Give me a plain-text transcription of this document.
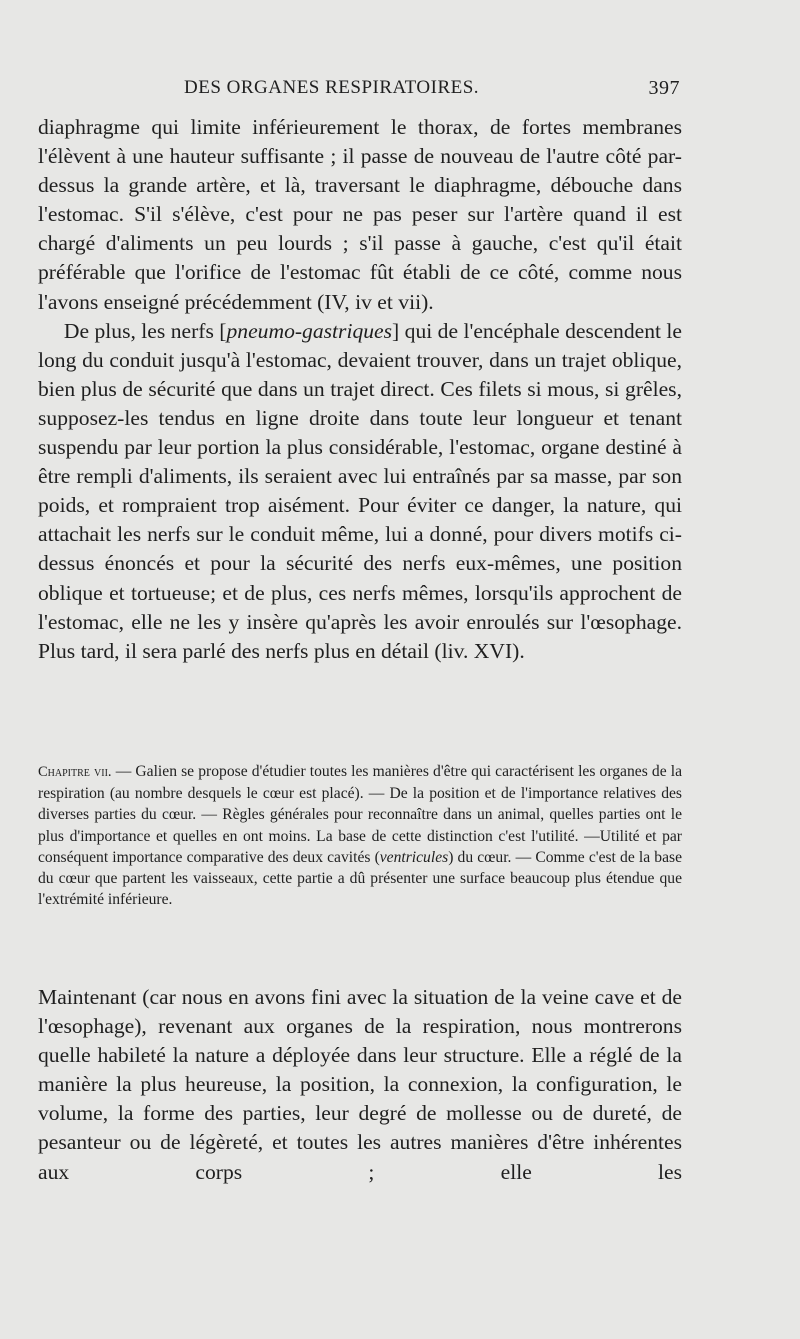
DES ORGANES RESPIRATOIRES.	397

diaphragme qui limite inférieurement le thorax, de fortes membranes l'élèvent à une hauteur suffisante ; il passe de nouveau de l'autre côté par-dessus la grande artère, et là, traversant le diaphragme, débouche dans l'estomac. S'il s'élève, c'est pour ne pas peser sur l'artère quand il est chargé d'aliments un peu lourds ; s'il passe à gauche, c'est qu'il était préférable que l'orifice de l'estomac fût établi de ce côté, comme nous l'avons enseigné précédemment (IV, iv et vii).

De plus, les nerfs [pneumo-gastriques] qui de l'encéphale descendent le long du conduit jusqu'à l'estomac, devaient trouver, dans un trajet oblique, bien plus de sécurité que dans un trajet direct. Ces filets si mous, si grêles, supposez-les tendus en ligne droite dans toute leur longueur et tenant suspendu par leur portion la plus considérable, l'estomac, organe destiné à être rempli d'aliments, ils seraient avec lui entraînés par sa masse, par son poids, et rompraient trop aisément. Pour éviter ce danger, la nature, qui attachait les nerfs sur le conduit même, lui a donné, pour divers motifs ci-dessus énoncés et pour la sécurité des nerfs eux-mêmes, une position oblique et tortueuse; et de plus, ces nerfs mêmes, lorsqu'ils approchent de l'estomac, elle ne les y insère qu'après les avoir enroulés sur l'œsophage. Plus tard, il sera parlé des nerfs plus en détail (liv. XVI).

Chapitre vii. — Galien se propose d'étudier toutes les manières d'être qui caractérisent les organes de la respiration (au nombre desquels le cœur est placé). — De la position et de l'importance relatives des diverses parties du cœur. — Règles générales pour reconnaître dans un animal, quelles parties ont le plus d'importance et quelles en ont moins. La base de cette distinction c'est l'utilité. —Utilité et par conséquent importance comparative des deux cavités (ventricules) du cœur. — Comme c'est de la base du cœur que partent les vaisseaux, cette partie a dû présenter une surface beaucoup plus étendue que l'extrémité inférieure.

Maintenant (car nous en avons fini avec la situation de la veine cave et de l'œsophage), revenant aux organes de la respiration, nous montrerons quelle habileté la nature a déployée dans leur structure. Elle a réglé de la manière la plus heureuse, la position, la connexion, la configuration, le volume, la forme des parties, leur degré de mollesse ou de dureté, de pesanteur ou de légèreté, et toutes les autres manières d'être inhérentes aux corps ; elle les
